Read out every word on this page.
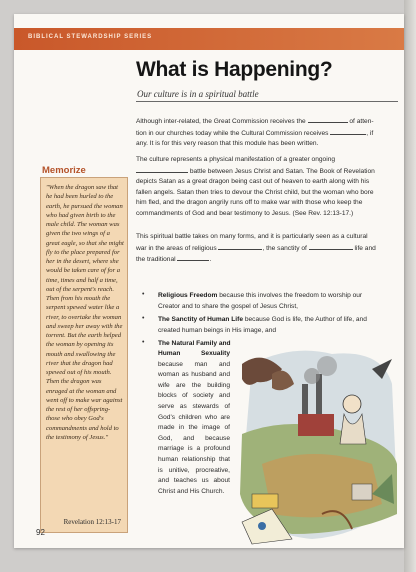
BIBLICAL STEWARDSHIP SERIES
What is Happening?
Our culture is in a spiritual battle
Although inter-related, the Great Commission receives the	of atten-
tion in our churches today while the Cultural Commission receives	, if
any. It is for this very reason that this module has been written.
The culture represents a physical manifestation of a greater ongoing
battle between Jesus Christ and Satan. The Book of Revelation
depicts Satan as a great dragon being cast out of heaven to earth along with his
fallen angels. Satan then tries to devour the Christ child, but the woman who bore
him fled, and the dragon angrily runs off to make war with those who keep the
commandments of God and bear testimony to Jesus. (See Rev. 12:13-17.)
This spiritual battle takes on many forms, and it is particularly seen as a cultural
war in the areas of religious	, the sanctity of	life and
the traditional	.
Memorize

"When the dragon saw that he had been hurled to the earth, he pursued the woman who had given birth to the male child. The woman was given the two wings of a great eagle, so that she might fly to the place prepared for her in the desert, where she would be taken care of for a time, times and half a time, out of the serpent's reach. Then from his mouth the serpent spewed water like a river, to overtake the woman and sweep her away with the torrent. But the earth helped the woman by opening its mouth and swallowing the river that the dragon had spewed out of his mouth. Then the dragon was enraged at the woman and went off to make war against the rest of her offspring-those who obey God's commandments and hold to the testimony of Jesus."

Revelation 12:13-17
• Religious Freedom because this involves the freedom to worship our
Creator and to share the gospel of Jesus Christ,
• The Sanctity of Human Life because God is life, the Author of life, and
created human beings in His image, and
• The Natural Family and
Human Sexuality because man and woman as husband and wife are the building blocks of society and serve as stewards of God's children who are made in the image of God, and because marriage is a profound human relationship that is unitive, procreative, and teaches us about Christ and His Church.
92
